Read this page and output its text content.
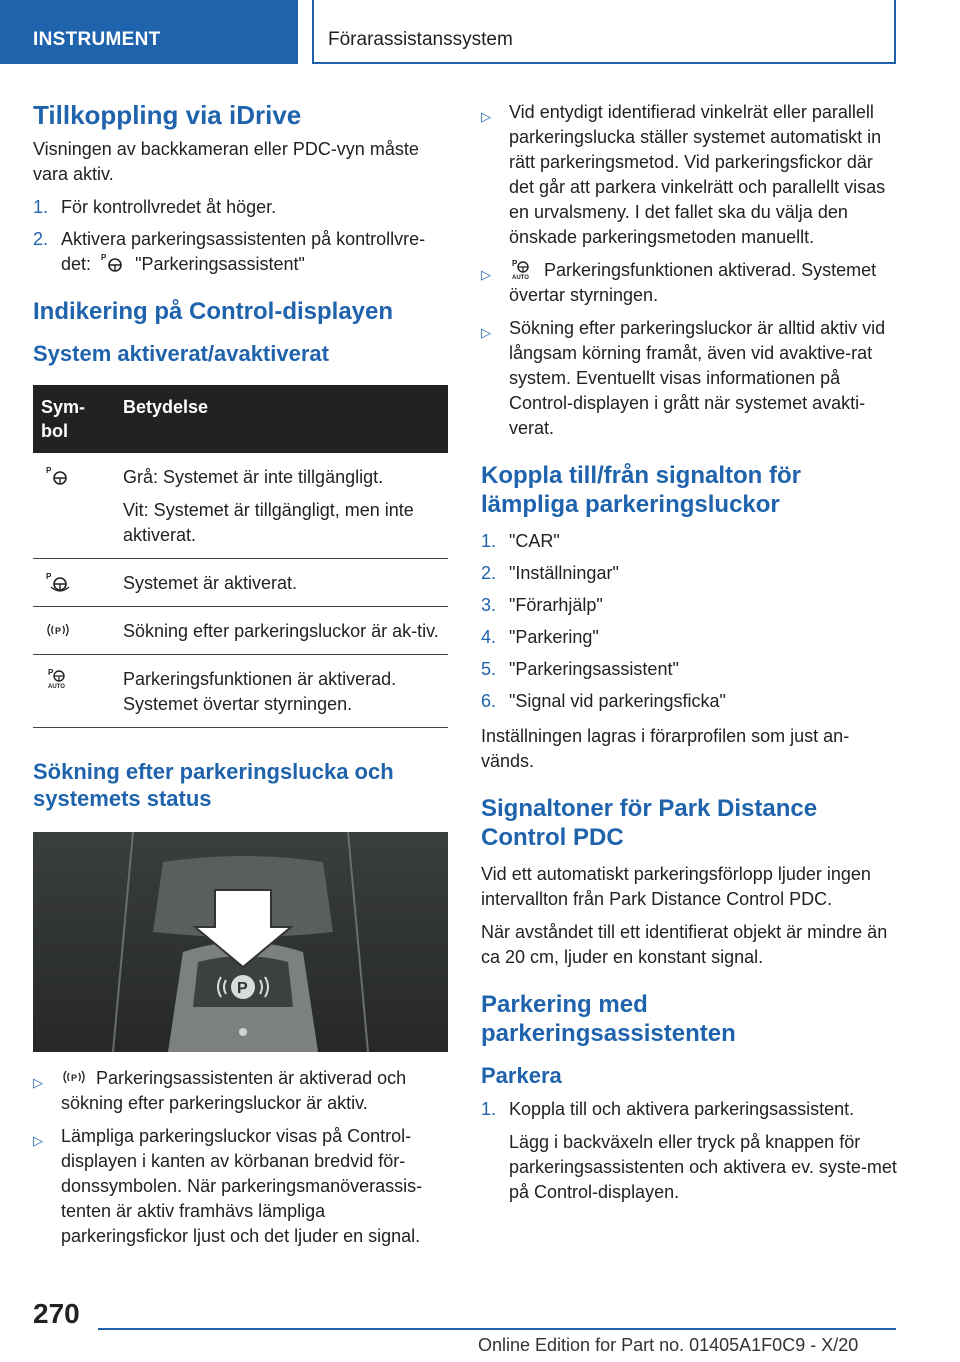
INSTRUMENT	Förarassistanssystem
Tillkoppling via iDrive

Visningen av backkameran eller PDC-vyn måste vara aktiv.

1. För kontrollvredet åt höger.
2. Aktivera parkeringsassistenten på kontrollvre-det: P "Parkeringsassistent"
Indikering på Control-displayen
System aktiverat/avaktiverat
Sym-bol	Betydelse

P	Grå: Systemet är inte tillgängligt.

Vit: Systemet är tillgängligt, men inte aktiverat.

P	Systemet är aktiverat.

P	Sökning efter parkeringsluckor är ak-tiv.

P
AUTO	Parkeringsfunktionen är aktiverad. Systemet övertar styrningen.

Sökning efter parkeringslucka och systemets status
P
▷	P Parkeringsassistenten är aktiverad och sökning efter parkeringsluckor är aktiv.
▷	Lämpliga parkeringsluckor visas på Control-displayen i kanten av körbanan bredvid för-donssymbolen. När parkeringsmanöverassis-tenten är aktiv framhävs lämpliga parkeringsfickor ljust och det ljuder en signal.
▷	Vid entydigt identifierad vinkelrät eller parallell parkeringslucka ställer systemet automatiskt in rätt parkeringsmetod. Vid parkeringsfickor där det går att parkera vinkelrätt och parallellt visas en urvalsmeny. I det fallet ska du välja den önskade parkeringsmetoden manuellt.
▷
P
AUTO Parkeringsfunktionen aktiverad. Systemet övertar styrningen.
▷	Sökning efter parkeringsluckor är alltid aktiv vid långsam körning framåt, även vid avaktive-rat system. Eventuellt visas informationen på Control-displayen i grått när systemet avakti-verat.
Koppla till/från signalton för lämpliga parkeringsluckor
1. "CAR"
2. "Inställningar"
3. "Förarhjälp"
4. "Parkering"
5. "Parkeringsassistent"
6. "Signal vid parkeringsficka"

Inställningen lagras i förarprofilen som just an-vänds.

Signaltoner för Park Distance Control PDC

Vid ett automatiskt parkeringsförlopp ljuder ingen intervallton från Park Distance Control PDC.

När avståndet till ett identifierat objekt är mindre än ca 20 cm, ljuder en konstant signal.

Parkering med parkeringsassistenten
Parkera
1. Koppla till och aktivera parkeringsassistent.
Lägg i backväxeln eller tryck på knappen för parkeringsassistenten och aktivera ev. syste-met på Control-displayen.
270
Online Edition for Part no. 01405A1F0C9 - X/20
